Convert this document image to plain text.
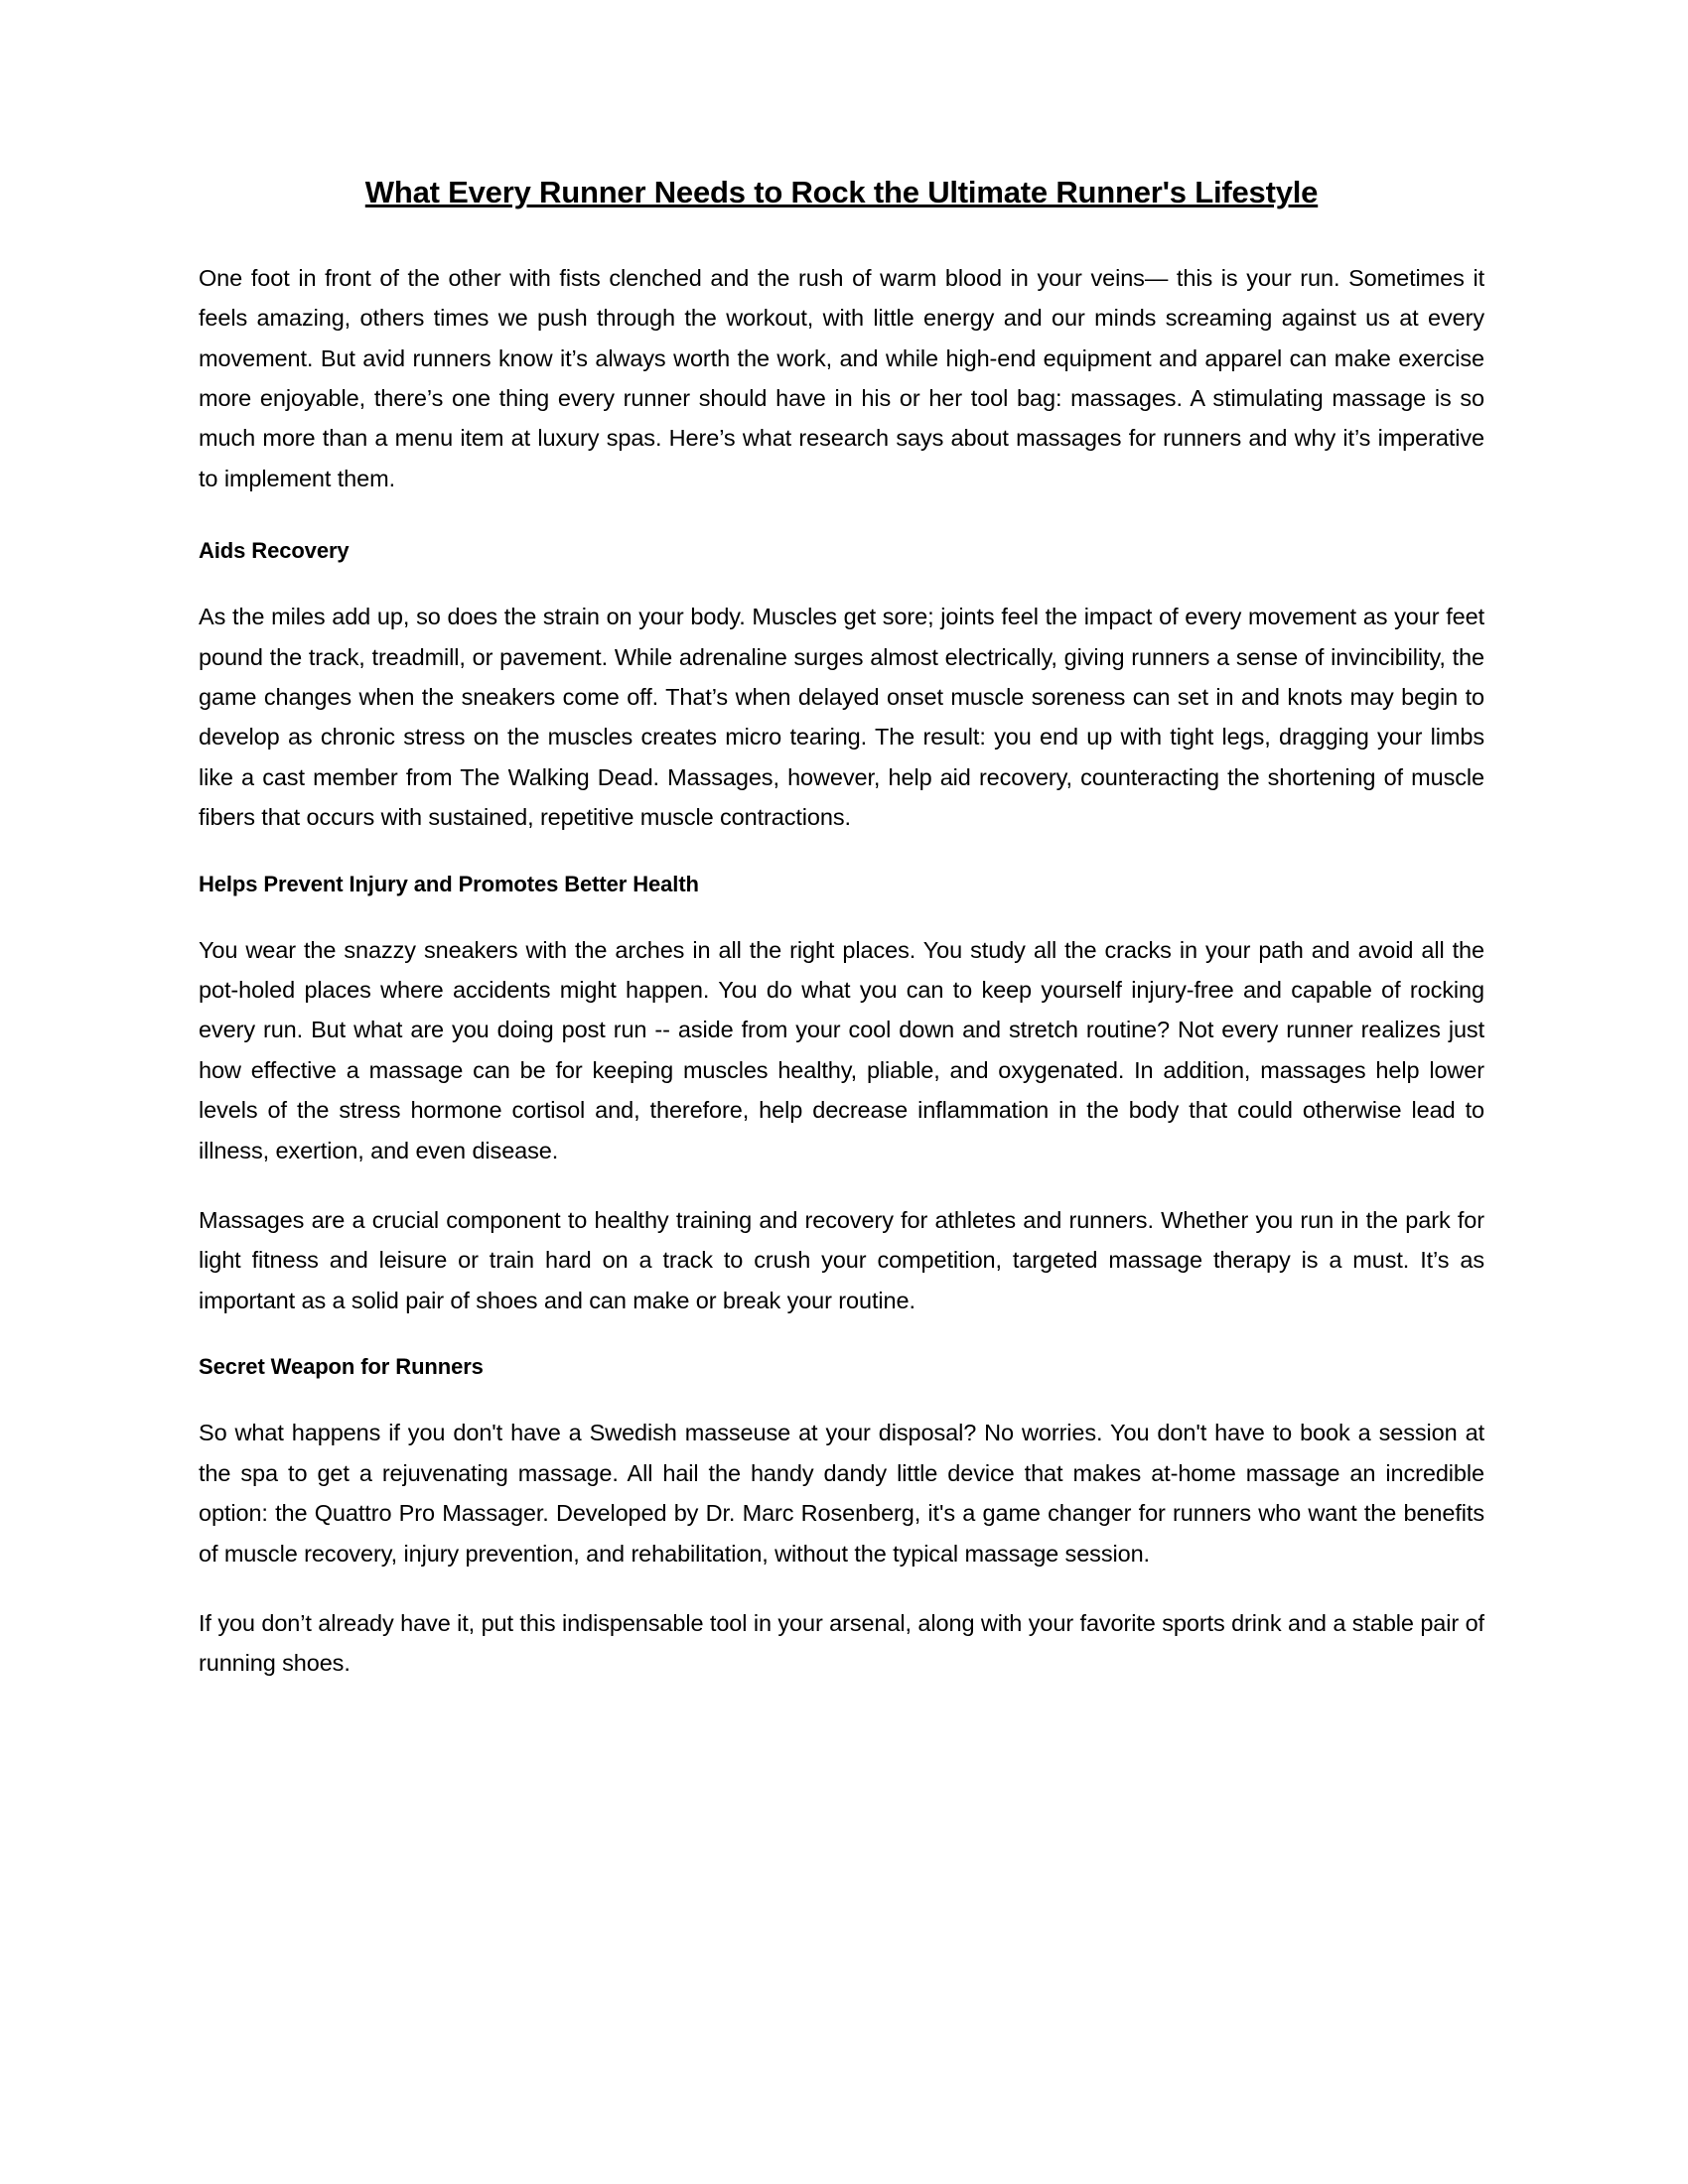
What Every Runner Needs to Rock the Ultimate Runner's Lifestyle

One foot in front of the other with fists clenched and the rush of warm blood in your veins— this is your run. Sometimes it feels amazing, others times we push through the workout, with little energy and our minds screaming against us at every movement. But avid runners know it’s always worth the work, and while high-end equipment and apparel can make exercise more enjoyable, there’s one thing every runner should have in his or her tool bag: massages. A stimulating massage is so much more than a menu item at luxury spas. Here’s what research says about massages for runners and why it’s imperative to implement them.

Aids Recovery

As the miles add up, so does the strain on your body. Muscles get sore; joints feel the impact of every movement as your feet pound the track, treadmill, or pavement. While adrenaline surges almost electrically, giving runners a sense of invincibility, the game changes when the sneakers come off. That’s when delayed onset muscle soreness can set in and knots may begin to develop as chronic stress on the muscles creates micro tearing. The result: you end up with tight legs, dragging your limbs like a cast member from The Walking Dead. Massages, however, help aid recovery, counteracting the shortening of muscle fibers that occurs with sustained, repetitive muscle contractions.

Helps Prevent Injury and Promotes Better Health

You wear the snazzy sneakers with the arches in all the right places. You study all the cracks in your path and avoid all the pot-holed places where accidents might happen. You do what you can to keep yourself injury-free and capable of rocking every run. But what are you doing post run -- aside from your cool down and stretch routine? Not every runner realizes just how effective a massage can be for keeping muscles healthy, pliable, and oxygenated. In addition, massages help lower levels of the stress hormone cortisol and, therefore, help decrease inflammation in the body that could otherwise lead to illness, exertion, and even disease.

Massages are a crucial component to healthy training and recovery for athletes and runners. Whether you run in the park for light fitness and leisure or train hard on a track to crush your competition, targeted massage therapy is a must. It’s as important as a solid pair of shoes and can make or break your routine.

Secret Weapon for Runners

So what happens if you don't have a Swedish masseuse at your disposal? No worries. You don't have to book a session at the spa to get a rejuvenating massage. All hail the handy dandy little device that makes at-home massage an incredible option: the Quattro Pro Massager. Developed by Dr. Marc Rosenberg, it's a game changer for runners who want the benefits of muscle recovery, injury prevention, and rehabilitation, without the typical massage session.

If you don’t already have it, put this indispensable tool in your arsenal, along with your favorite sports drink and a stable pair of running shoes.
